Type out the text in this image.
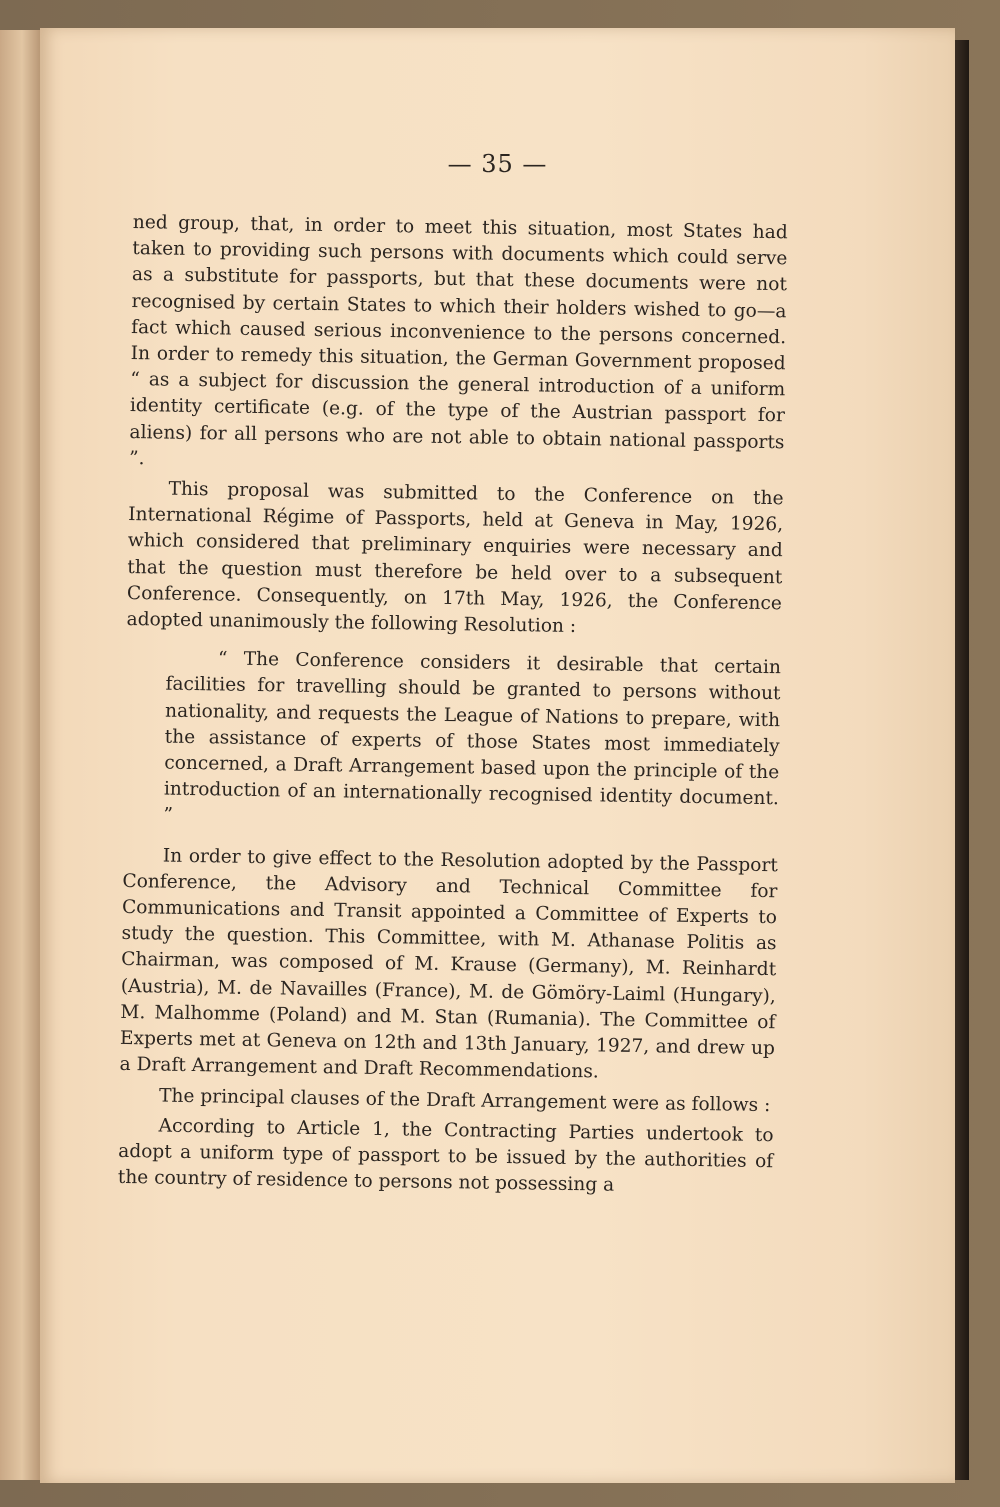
— 35 —

ned group, that, in order to meet this situation, most States had taken to providing such persons with documents which could serve as a substitute for passports, but that these documents were not recognised by certain States to which their holders wished to go—a fact which caused serious inconvenience to the persons concerned. In order to remedy this situation, the German Government proposed “ as a subject for discussion the general introduction of a uniform identity certificate (e.g. of the type of the Austrian passport for aliens) for all persons who are not able to obtain national passports ”.

This proposal was submitted to the Conference on the International Régime of Passports, held at Geneva in May, 1926, which considered that preliminary enquiries were necessary and that the question must therefore be held over to a subsequent Conference. Consequently, on 17th May, 1926, the Conference adopted unanimously the following Resolution :

“ The Conference considers it desirable that certain facilities for travelling should be granted to persons without nationality, and requests the League of Nations to prepare, with the assistance of experts of those States most immediately concerned, a Draft Arrangement based upon the principle of the introduction of an internationally recognised identity document. ”

In order to give effect to the Resolution adopted by the Passport Conference, the Advisory and Technical Committee for Communications and Transit appointed a Committee of Experts to study the question. This Committee, with M. Athanase Politis as Chairman, was composed of M. Krause (Germany), M. Reinhardt (Austria), M. de Navailles (France), M. de Gömöry-Laiml (Hungary), M. Malhomme (Poland) and M. Stan (Rumania). The Committee of Experts met at Geneva on 12th and 13th January, 1927, and drew up a Draft Arrangement and Draft Recommendations.

The principal clauses of the Draft Arrangement were as follows :

According to Article 1, the Contracting Parties undertook to adopt a uniform type of passport to be issued by the authorities of the country of residence to persons not possessing a
